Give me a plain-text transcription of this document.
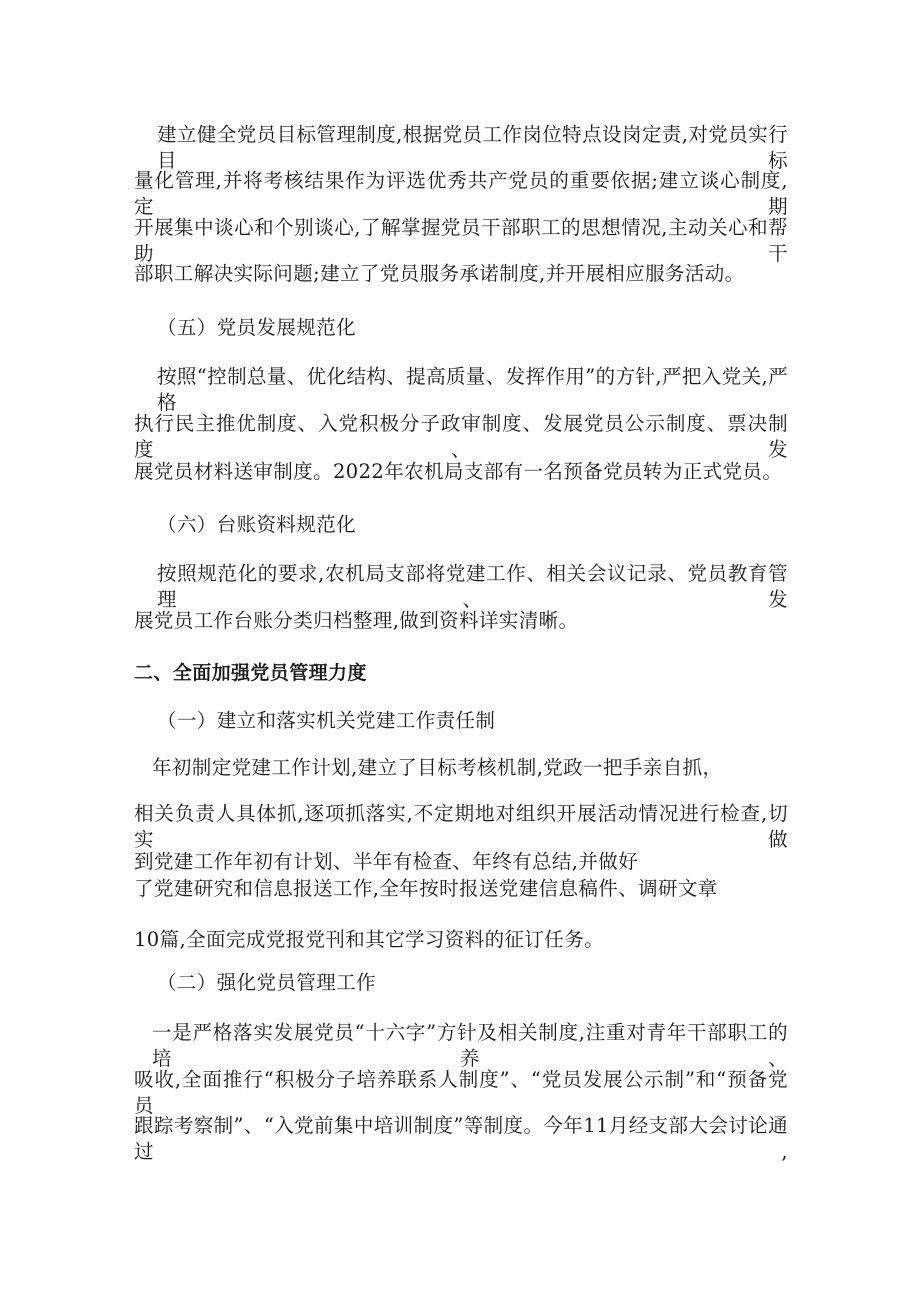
建立健全党员目标管理制度,根据党员工作岗位特点设岗定责,对党员实行目标
量化管理,并将考核结果作为评选优秀共产党员的重要依据;建立谈心制度,定期
开展集中谈心和个别谈心,了解掌握党员干部职工的思想情况,主动关心和帮助干
部职工解决实际问题;建立了党员服务承诺制度,并开展相应服务活动。
（五）党员发展规范化
按照“控制总量、优化结构、提高质量、发挥作用”的方针,严把入党关,严格
执行民主推优制度、入党积极分子政审制度、发展党员公示制度、票决制度、发
展党员材料送审制度。2022年农机局支部有一名预备党员转为正式党员。
（六）台账资料规范化
按照规范化的要求,农机局支部将党建工作、相关会议记录、党员教育管理、发
展党员工作台账分类归档整理,做到资料详实清晰。
二、全面加强党员管理力度
（一）建立和落实机关党建工作责任制
年初制定党建工作计划,建立了目标考核机制,党政一把手亲自抓，
相关负责人具体抓,逐项抓落实,不定期地对组织开展活动情况进行检查,切实做
到党建工作年初有计划、半年有检查、年终有总结,并做好
了党建研究和信息报送工作,全年按时报送党建信息稿件、调研文章
10篇,全面完成党报党刊和其它学习资料的征订任务。
（二）强化党员管理工作
一是严格落实发展党员“十六字”方针及相关制度,注重对青年干部职工的培养、
吸收,全面推行“积极分子培养联系人制度”、“党员发展公示制”和“预备党员
跟踪考察制”、“入党前集中培训制度”等制度。今年11月经支部大会讨论通过,
